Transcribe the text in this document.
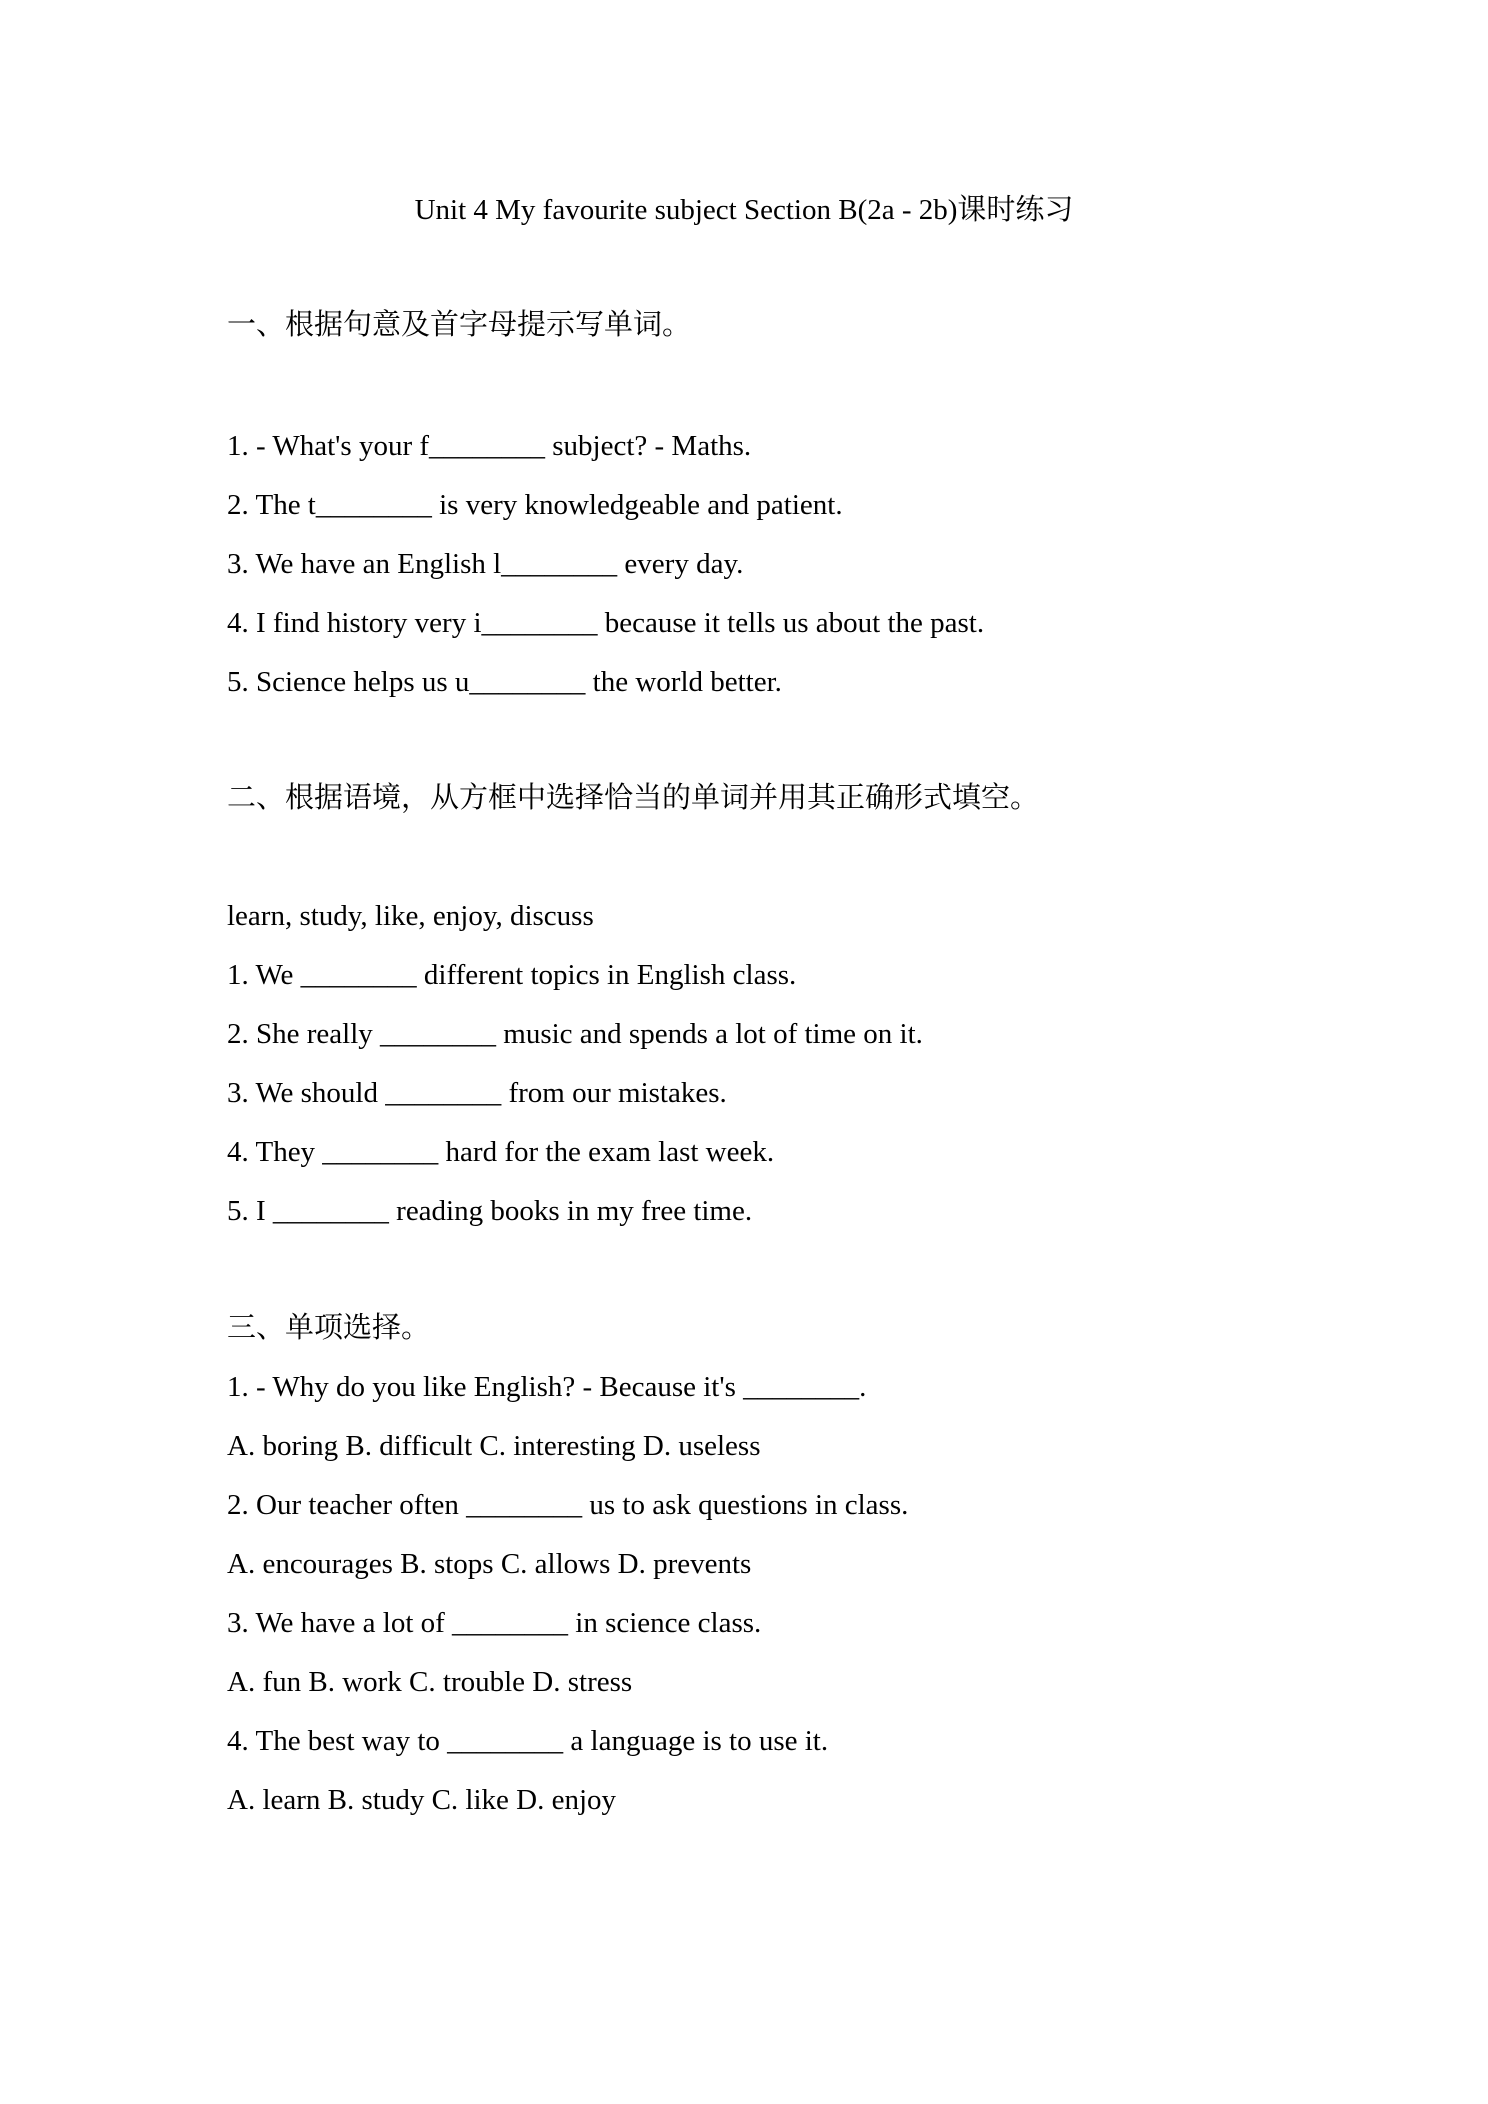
Unit 4 My favourite subject Section B(2a - 2b)课时练习
一、根据句意及首字母提示写单词。
1. - What's your f________ subject? - Maths.
2. The t________ is very knowledgeable and patient.
3. We have an English l________ every day.
4. I find history very i________ because it tells us about the past.
5. Science helps us u________ the world better.
二、根据语境，从方框中选择恰当的单词并用其正确形式填空。
learn, study, like, enjoy, discuss
1. We ________ different topics in English class.
2. She really ________ music and spends a lot of time on it.
3. We should ________ from our mistakes.
4. They ________ hard for the exam last week.
5. I ________ reading books in my free time.
三、单项选择。
1. - Why do you like English? - Because it's ________.
A. boring B. difficult C. interesting D. useless
2. Our teacher often ________ us to ask questions in class.
A. encourages B. stops C. allows D. prevents
3. We have a lot of ________ in science class.
A. fun B. work C. trouble D. stress
4. The best way to ________ a language is to use it.
A. learn B. study C. like D. enjoy
